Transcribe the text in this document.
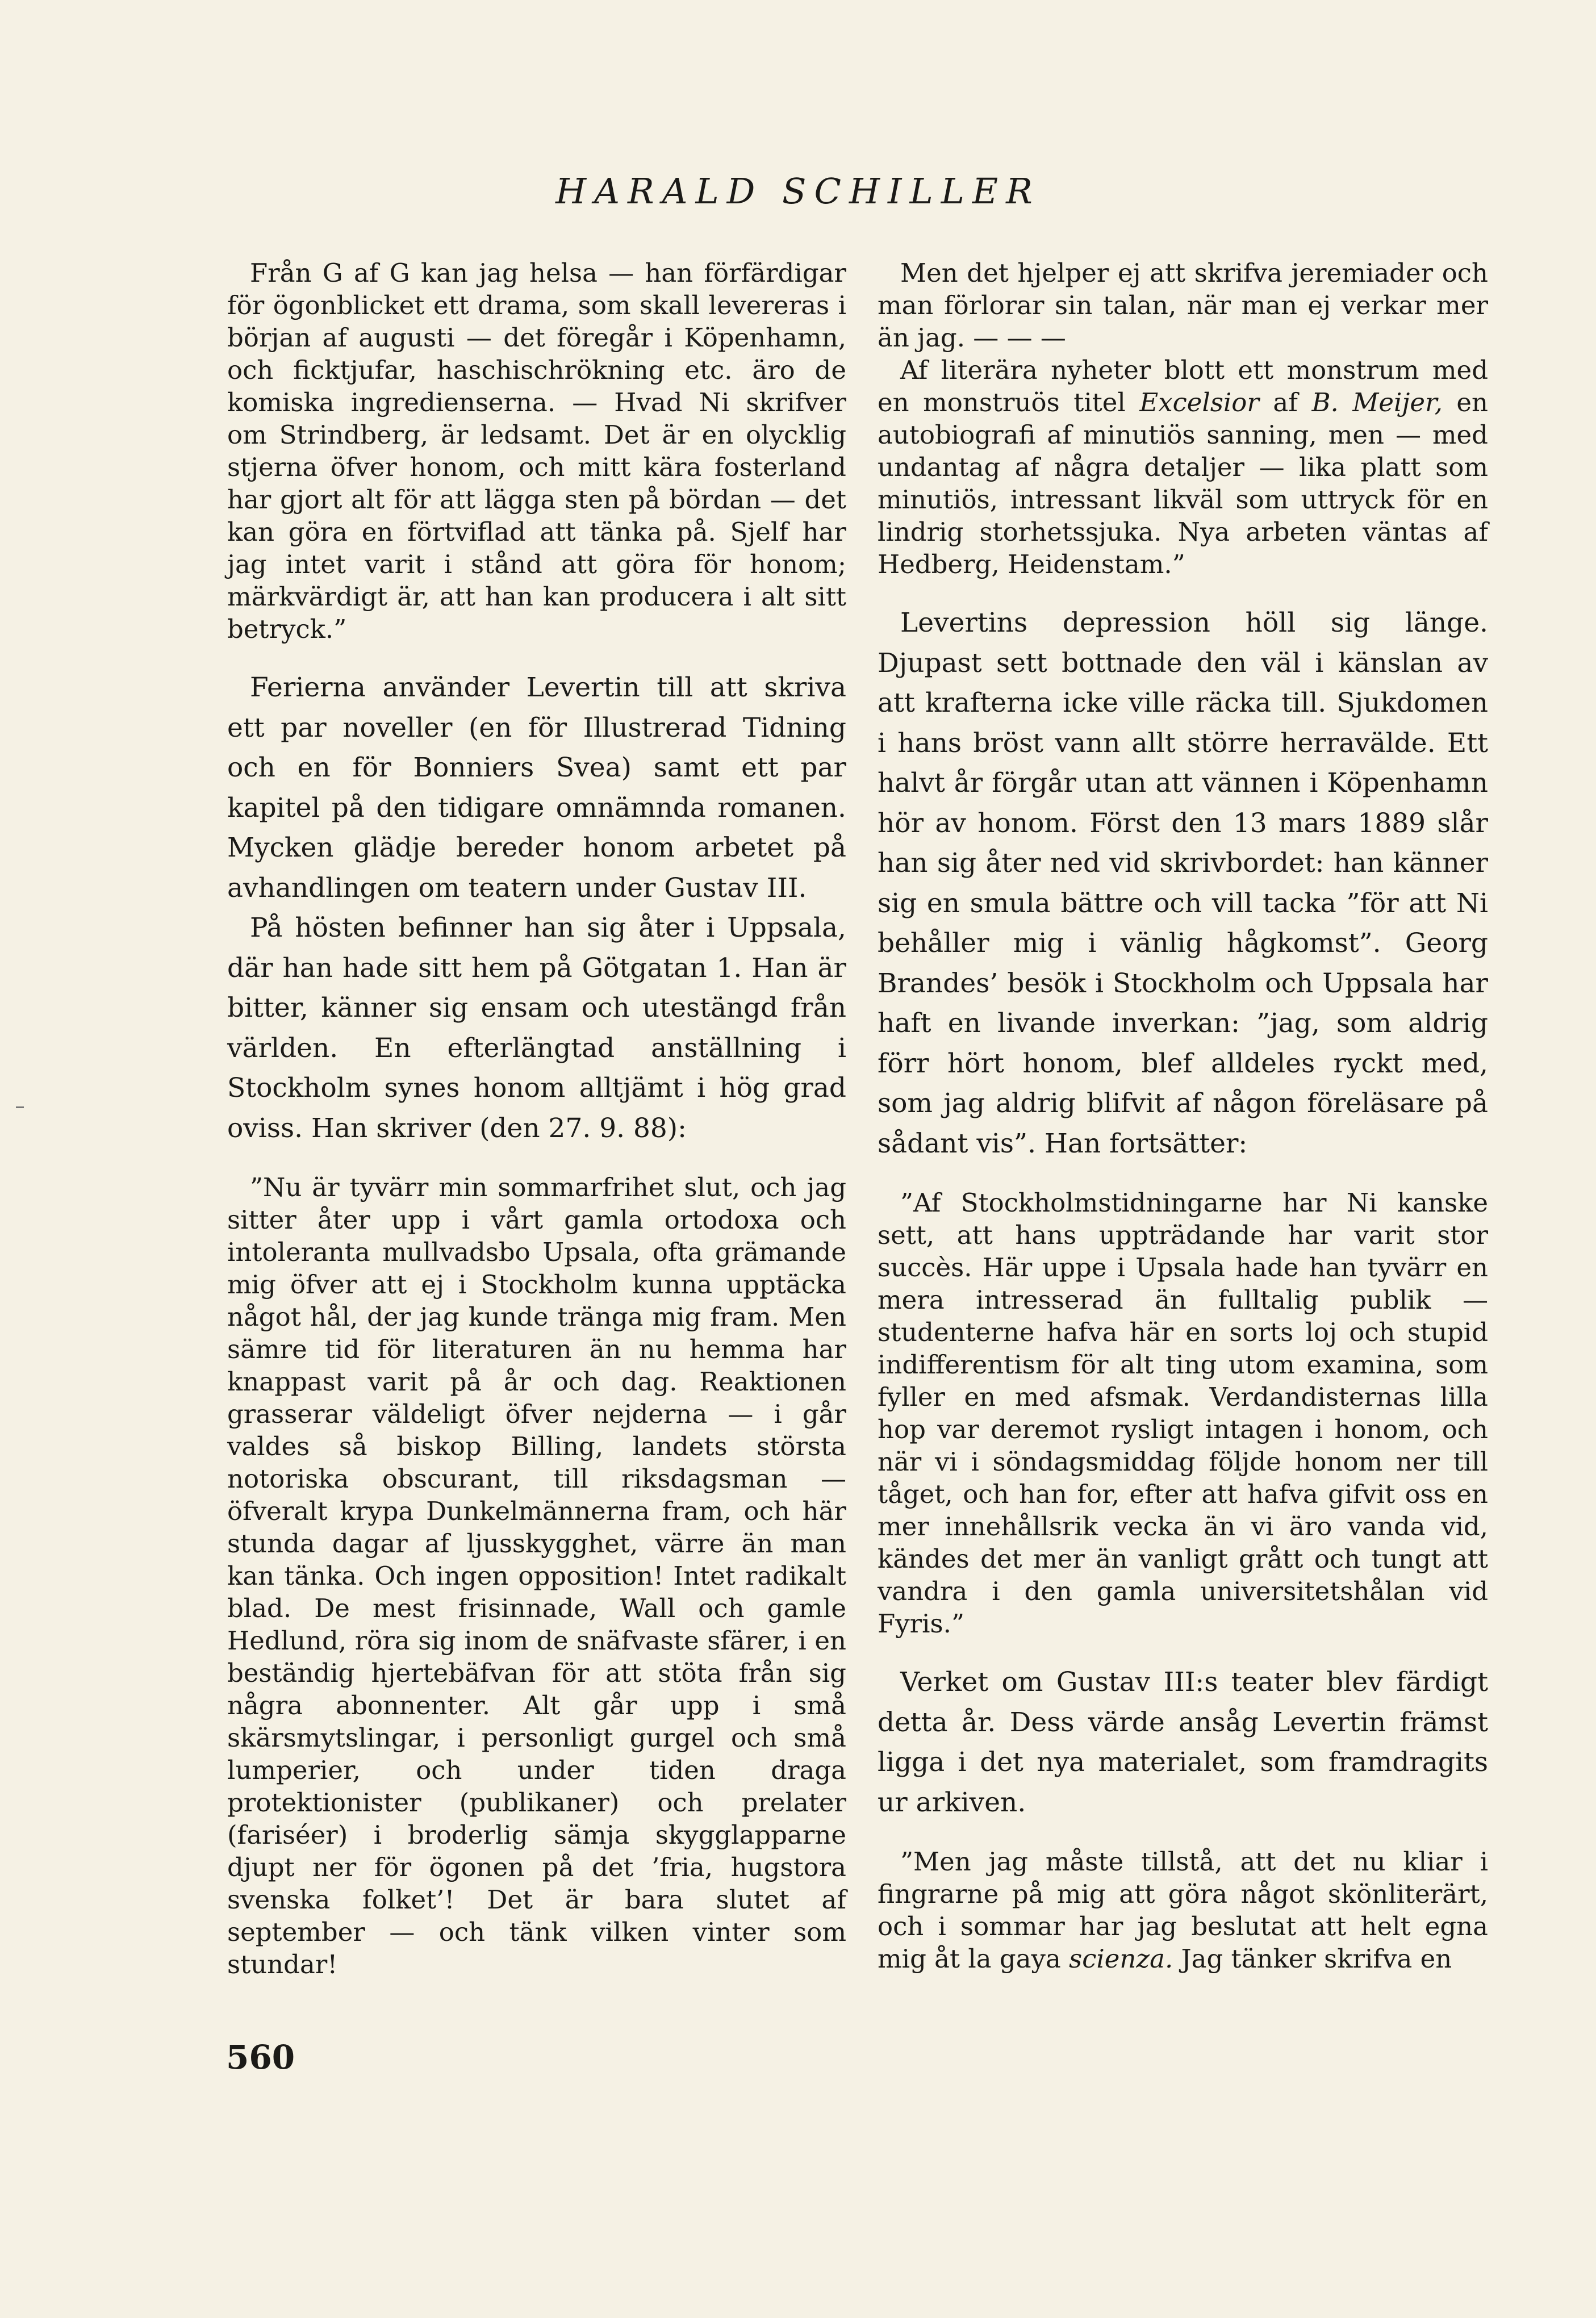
HARALD SCHILLER

Från G af G kan jag helsa — han förfärdigar för ögonblicket ett drama, som skall levereras i början af augusti — det föregår i Köpenhamn, och ficktjufar, haschischrökning etc. äro de komiska ingredienserna. — Hvad Ni skrifver om Strindberg, är ledsamt. Det är en olycklig stjerna öfver honom, och mitt kära fosterland har gjort alt för att lägga sten på bördan — det kan göra en förtviflad att tänka på. Sjelf har jag intet varit i stånd att göra för honom; märkvärdigt är, att han kan producera i alt sitt betryck.”

Ferierna använder Levertin till att skriva ett par noveller (en för Illustrerad Tidning och en för Bonniers Svea) samt ett par kapitel på den tidigare omnämnda romanen. Mycken glädje bereder honom arbetet på avhandlingen om teatern under Gustav III.

På hösten befinner han sig åter i Uppsala, där han hade sitt hem på Götgatan 1. Han är bitter, känner sig ensam och utestängd från världen. En efterlängtad anställning i Stockholm synes honom alltjämt i hög grad oviss. Han skriver (den 27. 9. 88):

”Nu är tyvärr min sommarfrihet slut, och jag sitter åter upp i vårt gamla ortodoxa och intoleranta mullvadsbo Upsala, ofta grämande mig öfver att ej i Stockholm kunna upptäcka något hål, der jag kunde tränga mig fram. Men sämre tid för literaturen än nu hemma har knappast varit på år och dag. Reaktionen grasserar väldeligt öfver nejderna — i går valdes så biskop Billing, landets största notoriska obscurant, till riksdagsman — öfveralt krypa Dunkelmännerna fram, och här stunda dagar af ljusskygghet, värre än man kan tänka. Och ingen opposition! Intet radikalt blad. De mest frisinnade, Wall och gamle Hedlund, röra sig inom de snäfvaste sfärer, i en beständig hjertebäfvan för att stöta från sig några abonnenter. Alt går upp i små skärsmytslingar, i personligt gurgel och små lumperier, och under tiden draga protektionister (publikaner) och prelater (fariséer) i broderlig sämja skygglapparne djupt ner för ögonen på det ’fria, hugstora svenska folket’! Det är bara slutet af september — och tänk vilken vinter som stundar!

Men det hjelper ej att skrifva jeremiader och man förlorar sin talan, när man ej verkar mer än jag. — — —

Af literära nyheter blott ett monstrum med en monstruös titel Excelsior af B. Meijer, en autobiografi af minutiös sanning, men — med undantag af några detaljer — lika platt som minutiös, intressant likväl som uttryck för en lindrig storhetssjuka. Nya arbeten väntas af Hedberg, Heidenstam.”

Levertins depression höll sig länge. Djupast sett bottnade den väl i känslan av att krafterna icke ville räcka till. Sjukdomen i hans bröst vann allt större herravälde. Ett halvt år förgår utan att vännen i Köpenhamn hör av honom. Först den 13 mars 1889 slår han sig åter ned vid skrivbordet: han känner sig en smula bättre och vill tacka ”för att Ni behåller mig i vänlig hågkomst”. Georg Brandes’ besök i Stockholm och Uppsala har haft en livande inverkan: ”jag, som aldrig förr hört honom, blef alldeles ryckt med, som jag aldrig blifvit af någon föreläsare på sådant vis”. Han fortsätter:

”Af Stockholmstidningarne har Ni kanske sett, att hans uppträdande har varit stor succès. Här uppe i Upsala hade han tyvärr en mera intresserad än fulltalig publik — studenterne hafva här en sorts loj och stupid indifferentism för alt ting utom examina, som fyller en med afsmak. Verdandisternas lilla hop var deremot rysligt intagen i honom, och när vi i söndagsmiddag följde honom ner till tåget, och han for, efter att hafva gifvit oss en mer innehållsrik vecka än vi äro vanda vid, kändes det mer än vanligt grått och tungt att vandra i den gamla universitetshålan vid Fyris.”

Verket om Gustav III:s teater blev färdigt detta år. Dess värde ansåg Levertin främst ligga i det nya materialet, som framdragits ur arkiven.

”Men jag måste tillstå, att det nu kliar i fingrarne på mig att göra något skönliterärt, och i sommar har jag beslutat att helt egna mig åt la gaya scienza. Jag tänker skrifva en

560
